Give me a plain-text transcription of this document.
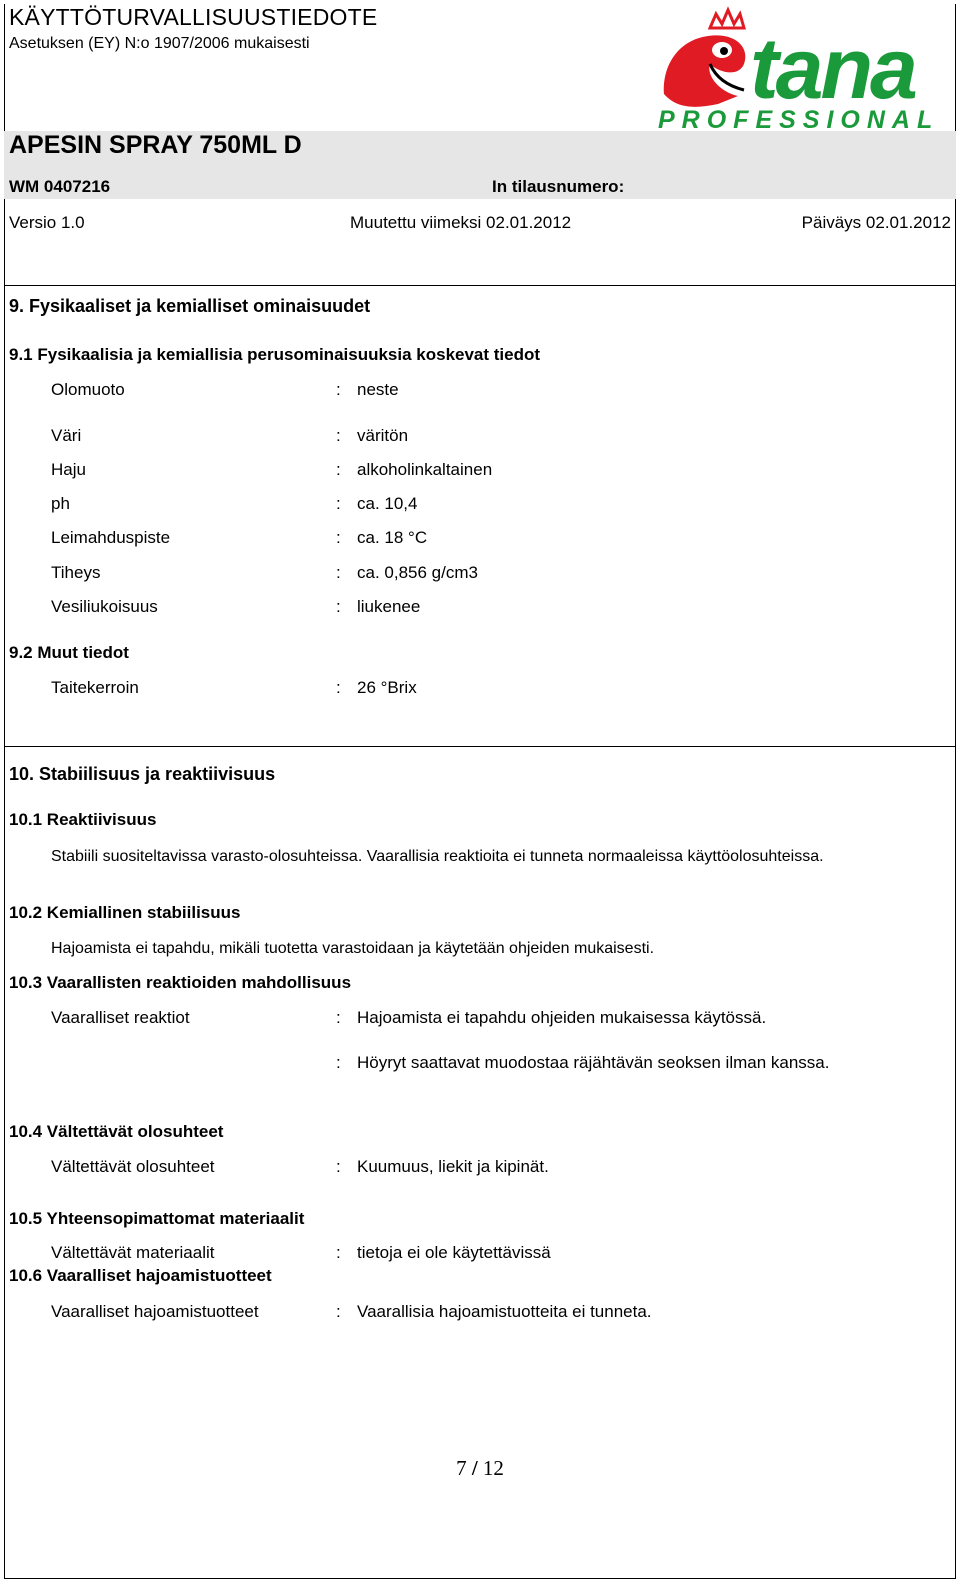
KÄYTTÖTURVALLISUUSTIEDOTE
Asetuksen (EY) N:o 1907/2006 mukaisesti	tana
PROFESSIONAL
APESIN SPRAY 750ML D
WM 0407216	In tilausnumero:
Versio 1.0	Muutettu viimeksi 02.01.2012	Päiväys 02.01.2012
9. Fysikaaliset ja kemialliset ominaisuudet
9.1 Fysikaalisia ja kemiallisia perusominaisuuksia koskevat tiedot
Olomuoto	: neste
Väri	: väritön
Haju	: alkoholinkaltainen
ph	: ca. 10,4
Leimahduspiste	: ca. 18 °C
Tiheys	: ca. 0,856 g/cm3
Vesiliukoisuus	: liukenee
9.2 Muut tiedot
Taitekerroin	: 26 °Brix
10. Stabiilisuus ja reaktiivisuus
10.1 Reaktiivisuus
Stabiili suositeltavissa varasto-olosuhteissa. Vaarallisia reaktioita ei tunneta normaaleissa käyttöolosuhteissa.
10.2 Kemiallinen stabiilisuus
Hajoamista ei tapahdu, mikäli tuotetta varastoidaan ja käytetään ohjeiden mukaisesti.
10.3 Vaarallisten reaktioiden mahdollisuus
Vaaralliset reaktiot	: Hajoamista ei tapahdu ohjeiden mukaisessa käytössä.
: Höyryt saattavat muodostaa räjähtävän seoksen ilman kanssa.
10.4 Vältettävät olosuhteet
Vältettävät olosuhteet	: Kuumuus, liekit ja kipinät.
10.5 Yhteensopimattomat materiaalit
Vältettävät materiaalit	: tietoja ei ole käytettävissä
10.6 Vaaralliset hajoamistuotteet
Vaaralliset hajoamistuotteet	: Vaarallisia hajoamistuotteita ei tunneta.
7 / 12
